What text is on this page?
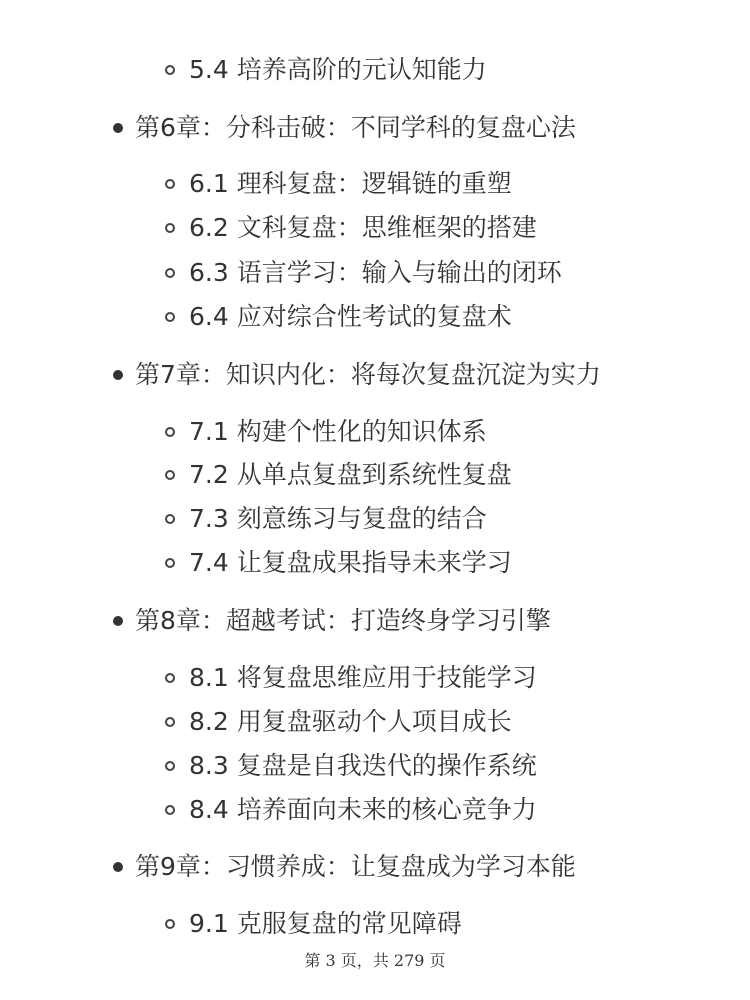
5.4 培养高阶的元认知能力
第6章：分科击破：不同学科的复盘心法
6.1 理科复盘：逻辑链的重塑
6.2 文科复盘：思维框架的搭建
6.3 语言学习：输入与输出的闭环
6.4 应对综合性考试的复盘术
第7章：知识内化：将每次复盘沉淀为实力
7.1 构建个性化的知识体系
7.2 从单点复盘到系统性复盘
7.3 刻意练习与复盘的结合
7.4 让复盘成果指导未来学习
第8章：超越考试：打造终身学习引擎
8.1 将复盘思维应用于技能学习
8.2 用复盘驱动个人项目成长
8.3 复盘是自我迭代的操作系统
8.4 培养面向未来的核心竞争力
第9章：习惯养成：让复盘成为学习本能
9.1 克服复盘的常见障碍
第 3 页，共 279 页
